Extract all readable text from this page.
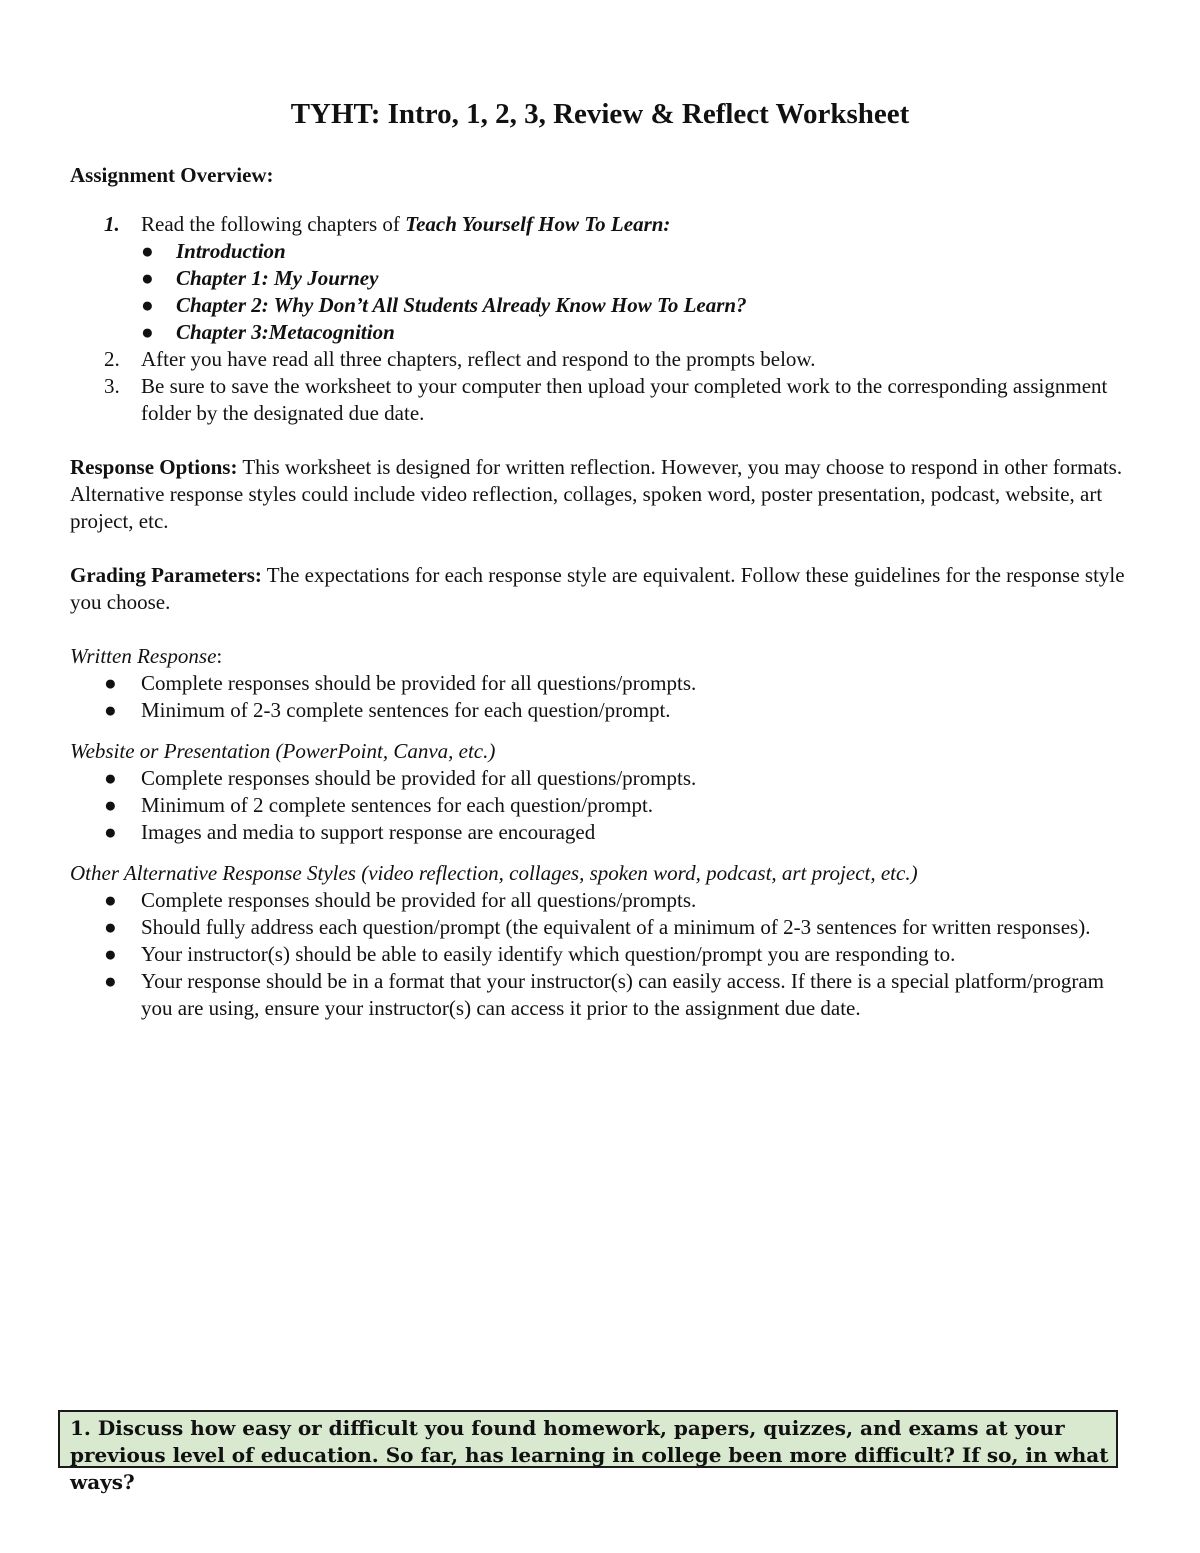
TYHT: Intro, 1, 2, 3, Review & Reflect Worksheet

Assignment Overview:

1. Read the following chapters of Teach Yourself How To Learn:
● Introduction
● Chapter 1: My Journey
● Chapter 2: Why Don’t All Students Already Know How To Learn?
● Chapter 3:Metacognition
2. After you have read all three chapters, reflect and respond to the prompts below.
3. Be sure to save the worksheet to your computer then upload your completed work to the corresponding assignment folder by the designated due date.

Response Options: This worksheet is designed for written reflection. However, you may choose to respond in other formats. Alternative response styles could include video reflection, collages, spoken word, poster presentation, podcast, website, art project, etc.

Grading Parameters: The expectations for each response style are equivalent. Follow these guidelines for the response style you choose.

Written Response:

● Complete responses should be provided for all questions/prompts.
● Minimum of 2-3 complete sentences for each question/prompt.

Website or Presentation (PowerPoint, Canva, etc.)

● Complete responses should be provided for all questions/prompts.
● Minimum of 2 complete sentences for each question/prompt.
● Images and media to support response are encouraged

Other Alternative Response Styles (video reflection, collages, spoken word, podcast, art project, etc.)

● Complete responses should be provided for all questions/prompts.
● Should fully address each question/prompt (the equivalent of a minimum of 2-3 sentences for written responses).
● Your instructor(s) should be able to easily identify which question/prompt you are responding to.
● Your response should be in a format that your instructor(s) can easily access. If there is a special platform/program you are using, ensure your instructor(s) can access it prior to the assignment due date.
1. Discuss how easy or difficult you found homework, papers, quizzes, and exams at your previous level of education. So far, has learning in college been more difficult? If so, in what ways?
